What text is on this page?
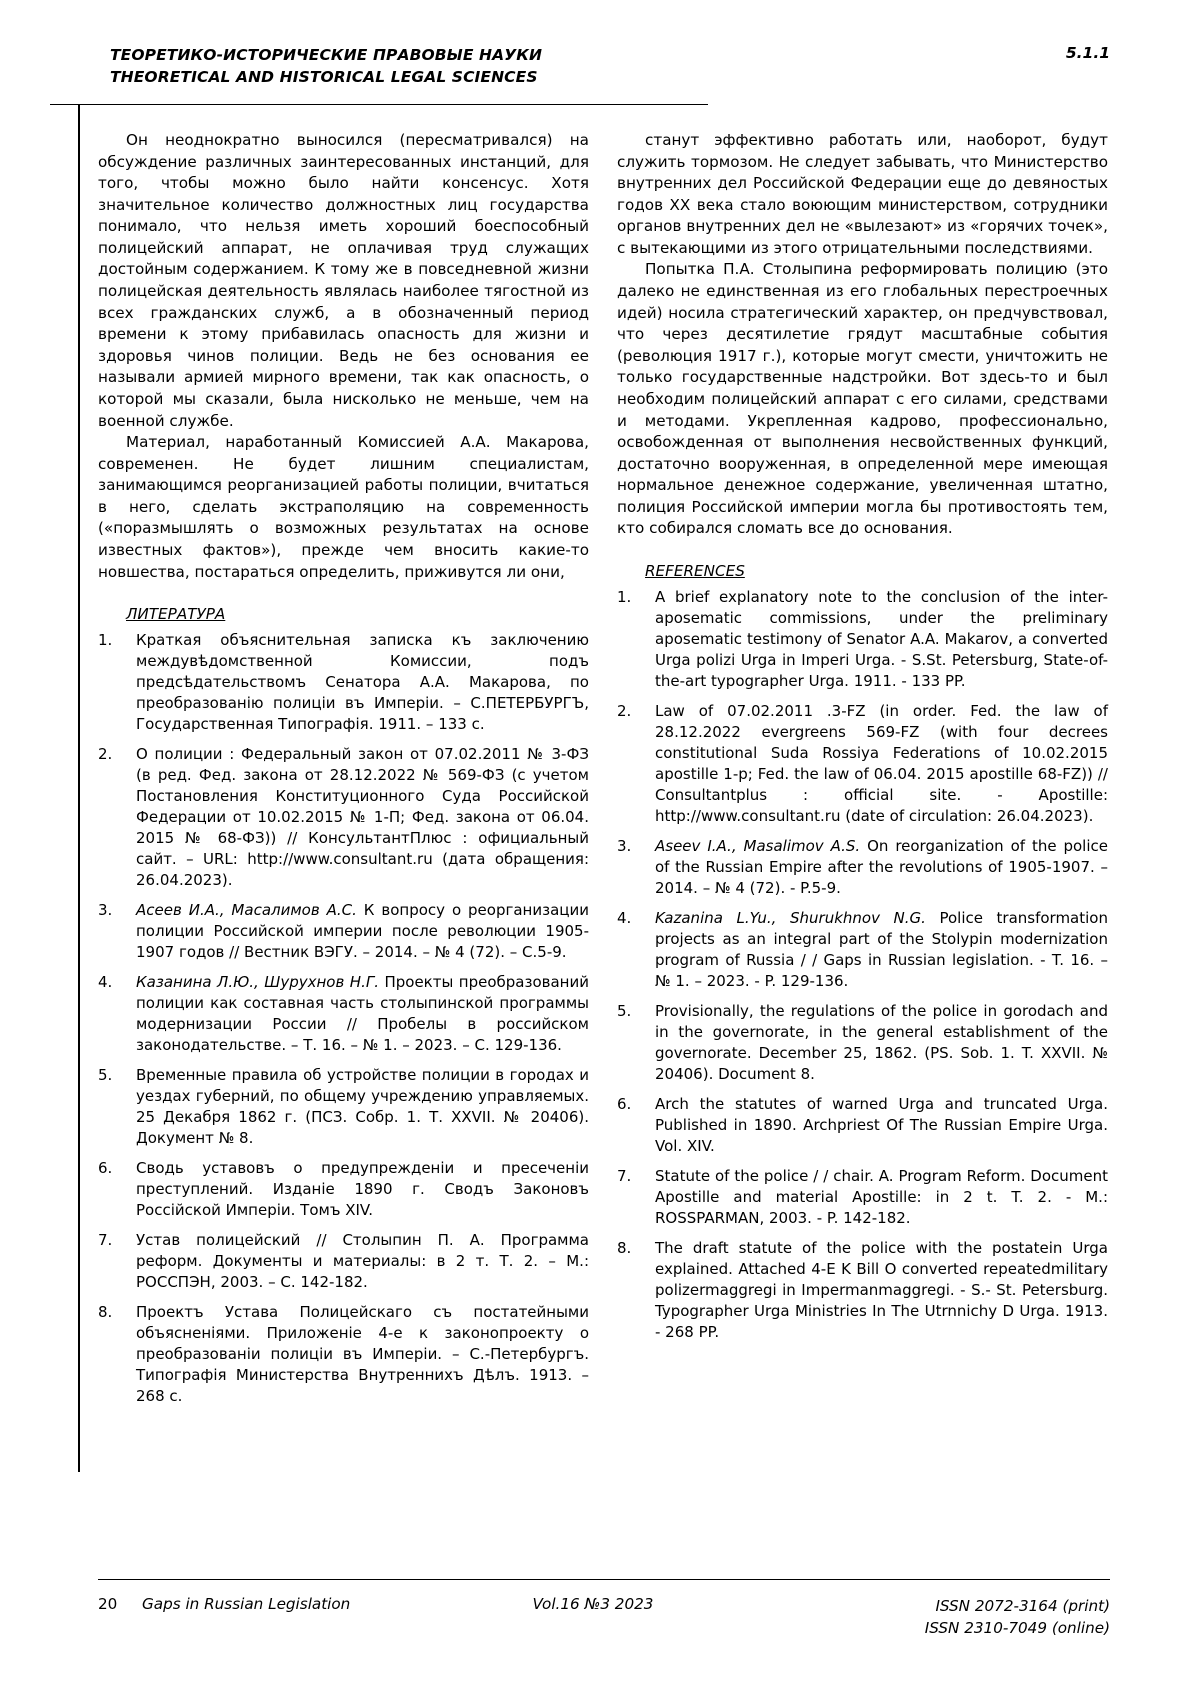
ТЕОРЕТИКО-ИСТОРИЧЕСКИЕ ПРАВОВЫЕ НАУКИ
THEORETICAL AND HISTORICAL LEGAL SCIENCES
5.1.1

Он неоднократно выносился (пересматривался) на обсуждение различных заинтересованных инстанций, для того, чтобы можно было найти консенсус. Хотя значительное количество должностных лиц государства понимало, что нельзя иметь хороший боеспособный полицейский аппарат, не оплачивая труд служащих достойным содержанием. К тому же в повседневной жизни полицейская деятельность являлась наиболее тягостной из всех гражданских служб, а в обозначенный период времени к этому прибавилась опасность для жизни и здоровья чинов полиции. Ведь не без основания ее называли армией мирного времени, так как опасность, о которой мы сказали, была нисколько не меньше, чем на военной службе.

Материал, наработанный Комиссией А.А. Макарова, современен. Не будет лишним специалистам, занимающимся реорганизацией работы полиции, вчитаться в него, сделать экстраполяцию на современность («поразмышлять о возможных результатах на основе известных фактов»), прежде чем вносить какие-то новшества, постараться определить, приживутся ли они,

ЛИТЕРАТУРА
1.	Краткая объяснительная записка къ заключению междувѣдомственной Комиссии, подъ предсѣдательствомъ Сенатора А.А. Макарова, по преобразованію полиціи въ Имперіи. – С.ПЕТЕРБУРГЪ, Государственная Типографія. 1911. – 133 с.
2.	О полиции : Федеральный закон от 07.02.2011 № 3-ФЗ (в ред. Фед. закона от 28.12.2022 № 569-ФЗ (с учетом Постановления Конституционного Суда Российской Федерации от 10.02.2015 № 1-П; Фед. закона от 06.04. 2015 № 68-ФЗ)) // КонсультантПлюс : официальный сайт. – URL: http://www.consultant.ru (дата обращения: 26.04.2023).
3.	Асеев И.А., Масалимов А.С. К вопросу о реорганизации полиции Российской империи после революции 1905-1907 годов // Вестник ВЭГУ. – 2014. – № 4 (72). – С.5-9.
4.	Казанина Л.Ю., Шурухнов Н.Г. Проекты преобразований полиции как составная часть столыпинской программы модернизации России // Пробелы в российском законодательстве. – Т. 16. – № 1. – 2023. – С. 129-136.
5.	Временные правила об устройстве полиции в городах и уездах губерний, по общему учреждению управляемых. 25 Декабря 1862 г. (ПСЗ. Собр. 1. Т. XXVII. № 20406). Документ № 8.
6.	Сводь уставовъ о предупрежденіи и пресеченіи преступлений. Изданіе 1890 г. Сводъ Законовъ Россійской Имперіи. Томъ XIV.
7.	Устав полицейский // Столыпин П. А. Программа реформ. Документы и материалы: в 2 т. Т. 2. – М.: РОССПЭН, 2003. – С. 142-182.
8.	Проектъ Устава Полицейскаго съ постатейными объясненіями. Приложеніе 4-е к законопроекту о преобразованіи полиціи въ Имперіи. – С.-Петербургъ. Типографія Министерства Внутреннихъ Дѣлъ. 1913. – 268 с.

станут эффективно работать или, наоборот, будут служить тормозом. Не следует забывать, что Министерство внутренних дел Российской Федерации еще до девяностых годов ХХ века стало воюющим министерством, сотрудники органов внутренних дел не «вылезают» из «горячих точек», с вытекающими из этого отрицательными последствиями.

Попытка П.А. Столыпина реформировать полицию (это далеко не единственная из его глобальных перестроечных идей) носила стратегический характер, он предчувствовал, что через десятилетие грядут масштабные события (революция 1917 г.), которые могут смести, уничтожить не только государственные надстройки. Вот здесь-то и был необходим полицейский аппарат с его силами, средствами и методами. Укрепленная кадрово, профессионально, освобожденная от выполнения несвойственных функций, достаточно вооруженная, в определенной мере имеющая нормальное денежное содержание, увеличенная штатно, полиция Российской империи могла бы противостоять тем, кто собирался сломать все до основания.

REFERENCES
1.	A brief explanatory note to the conclusion of the inter-aposematic commissions, under the preliminary aposematic testimony of Senator A.A. Makarov, a converted Urga polizi Urga in Imperi Urga. - S.St. Petersburg, State-of-the-art typographer Urga. 1911. - 133 PP.
2.	Law of 07.02.2011 .3-FZ (in order. Fed. the law of 28.12.2022 evergreens 569-FZ (with four decrees constitutional Suda Rossiya Federations of 10.02.2015 apostille 1-p; Fed. the law of 06.04. 2015 apostille 68-FZ)) // Consultantplus : official site. - Apostille: http://www.consultant.ru (date of circulation: 26.04.2023).
3.	Aseev I.A., Masalimov A.S. On reorganization of the police of the Russian Empire after the revolutions of 1905-1907. – 2014. – № 4 (72). - P.5-9.
4.	Kazanina L.Yu., Shurukhnov N.G. Police transformation projects as an integral part of the Stolypin modernization program of Russia / / Gaps in Russian legislation. - T. 16. – № 1. – 2023. - P. 129-136.
5.	Provisionally, the regulations of the police in gorodach and in the governorate, in the general establishment of the governorate. December 25, 1862. (PS. Sob. 1. T. XXVII. № 20406). Document 8.
6.	Arch the statutes of warned Urga and truncated Urga. Published in 1890. Archpriest Of The Russian Empire Urga. Vol. XIV.
7.	Statute of the police / / chair. A. Program Reform. Document Apostille and material Apostille: in 2 t. T. 2. - M.: ROSSPARMAN, 2003. - P. 142-182.
8.	The draft statute of the police with the postatein Urga explained. Attached 4-E K Bill O converted repeatedmilitary polizermaggregi in Impermanmaggregi. - S.- St. Petersburg. Typographer Urga Ministries In The Utrnnichy D Urga. 1913. - 268 PP.
20 Gaps in Russian Legislation	Vol.16 №3 2023	ISSN 2072-3164 (print)
ISSN 2310-7049 (online)
